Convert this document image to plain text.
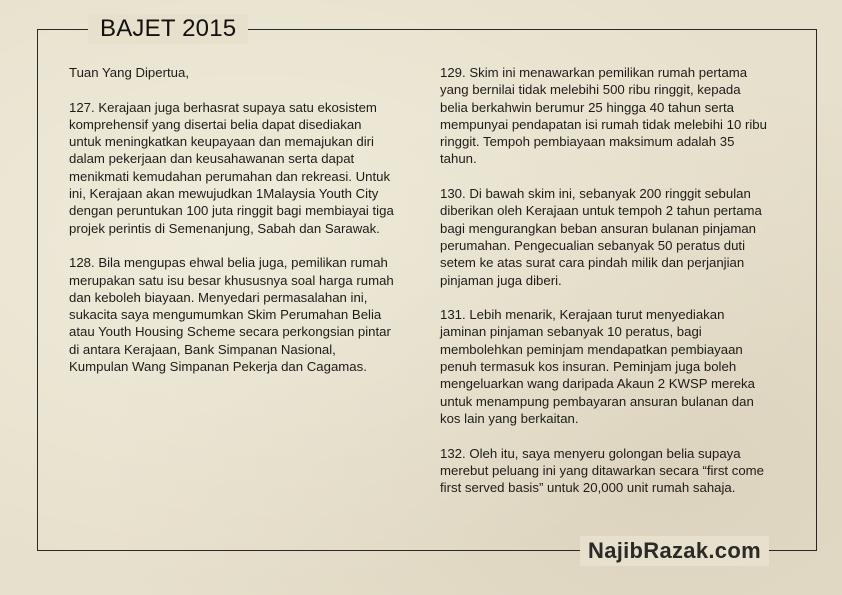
BAJET 2015

Tuan Yang Dipertua,

127. Kerajaan juga berhasrat supaya satu ekosistem
komprehensif yang disertai belia dapat disediakan
untuk meningkatkan keupayaan dan memajukan diri
dalam pekerjaan dan keusahawanan serta dapat
menikmati kemudahan perumahan dan rekreasi. Untuk
ini, Kerajaan akan mewujudkan 1Malaysia Youth City
dengan peruntukan 100 juta ringgit bagi membiayai tiga
projek perintis di Semenanjung, Sabah dan Sarawak.

128. Bila mengupas ehwal belia juga, pemilikan rumah
merupakan satu isu besar khususnya soal harga rumah
dan keboleh biayaan. Menyedari permasalahan ini,
sukacita saya mengumumkan Skim Perumahan Belia
atau Youth Housing Scheme secara perkongsian pintar
di antara Kerajaan, Bank Simpanan Nasional,
Kumpulan Wang Simpanan Pekerja dan Cagamas.

129. Skim ini menawarkan pemilikan rumah pertama
yang bernilai tidak melebihi 500 ribu ringgit, kepada
belia berkahwin berumur 25 hingga 40 tahun serta
mempunyai pendapatan isi rumah tidak melebihi 10 ribu
ringgit. Tempoh pembiayaan maksimum adalah 35
tahun.

130. Di bawah skim ini, sebanyak 200 ringgit sebulan
diberikan oleh Kerajaan untuk tempoh 2 tahun pertama
bagi mengurangkan beban ansuran bulanan pinjaman
perumahan. Pengecualian sebanyak 50 peratus duti
setem ke atas surat cara pindah milik dan perjanjian
pinjaman juga diberi.

131. Lebih menarik, Kerajaan turut menyediakan
jaminan pinjaman sebanyak 10 peratus, bagi
membolehkan peminjam mendapatkan pembiayaan
penuh termasuk kos insuran. Peminjam juga boleh
mengeluarkan wang daripada Akaun 2 KWSP mereka
untuk menampung pembayaran ansuran bulanan dan
kos lain yang berkaitan.

132. Oleh itu, saya menyeru golongan belia supaya
merebut peluang ini yang ditawarkan secara “first come
first served basis” untuk 20,000 unit rumah sahaja.

NajibRazak.com
